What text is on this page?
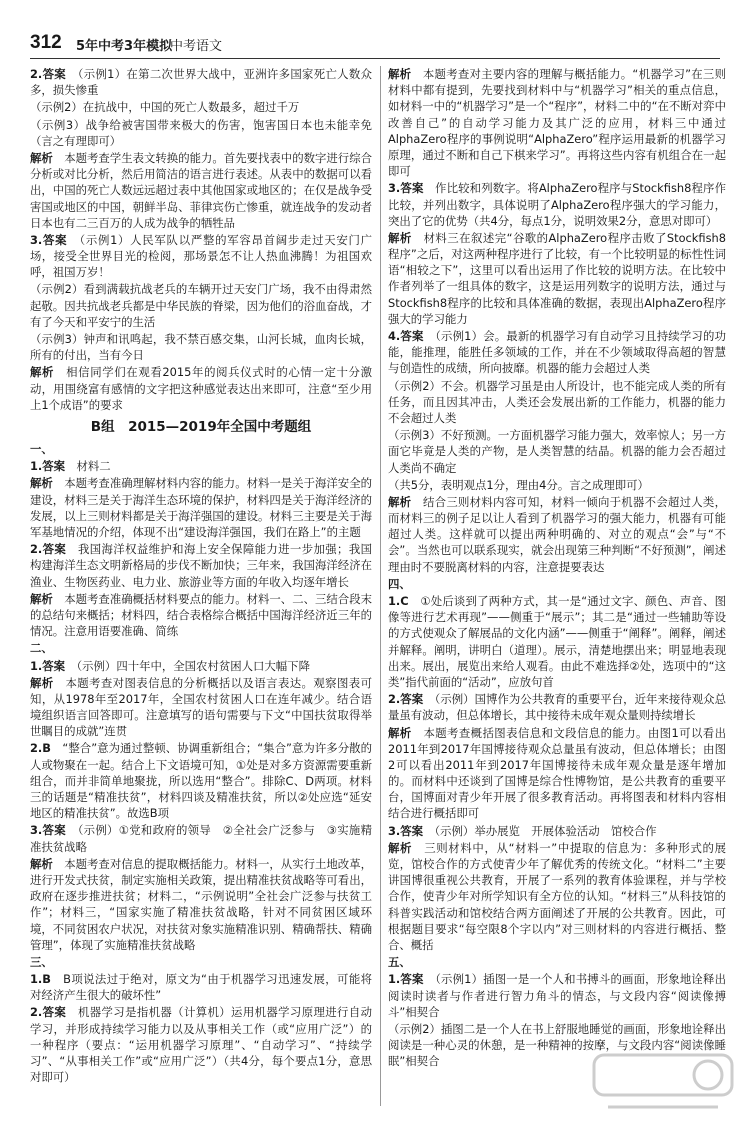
312 5年中考3年模拟
中考语文

2.答案　 （示例1）在第二次世界大战中，亚洲许多国家死亡人数众多，损失惨重

（示例2）在抗战中，中国的死亡人数最多，超过千万

（示例3）战争给被害国带来极大的伤害，饱害国日本也未能幸免（言之有理即可）

解析　 本题考查学生表文转换的能力。首先要找表中的数字进行综合分析或对比分析，然后用简洁的语言进行表述。从表中的数据可以看出，中国的死亡人数远远超过表中其他国家或地区的；在仅是战争受害国或地区的中国，朝鲜半岛、菲律宾伤亡惨重，就连战争的发动者日本也有二三百万的人成为战争的牺牲品

3.答案　 （示例1）人民军队以严整的军容昂首阔步走过天安门广场，接受全世界目光的检阅，那场景怎不让人热血沸腾！为祖国欢呼，祖国万岁！

（示例2）看到满载抗战老兵的车辆开过天安门广场，我不由得肃然起敬。因共抗战老兵都是中华民族的脊梁，因为他们的浴血奋战，才有了今天和平安宁的生活

（示例3）钟声和讯鸣起，我不禁百感交集，山河长城，血肉长城，所有的付出，当有今日

解析　 相信同学们在观看2015年的阅兵仪式时的心情一定十分激动，用围绕富有感情的文字把这种感觉表达出来即可，注意“至少用上1个成语”的要求

B组　2015—2019年全国中考题组
一、

1.答案　 材料二

解析　 本题考查准确理解材料内容的能力。材料一是关于海洋安全的建设，材料三是关于海洋生态环境的保护，材料四是关于海洋经济的发展，以上三则材料都是关于海洋强国的建设。材料三主要是关于海军基地情况的介绍，体现不出“建设海洋强国，我们在路上”的主题

2.答案　 我国海洋权益维护和海上安全保障能力进一步加强；我国构建海洋生态文明新格局的步伐不断加快；三年来，我国海洋经济在渔业、生物医药业、电力业、旅游业等方面的年收入均逐年增长

解析　 本题考查准确概括材料要点的能力。材料一、二、三结合段末的总结句来概括；材料四，结合表格综合概括中国海洋经济近三年的情况。注意用语要准确、简练

二、

1.答案　 （示例）四十年中，全国农村贫困人口大幅下降

解析　 本题考查对图表信息的分析概括以及语言表达。观察图表可知，从1978年至2017年，全国农村贫困人口在连年减少。结合语境组织语言回答即可。注意填写的语句需要与下文“中国扶贫取得举世瞩目的成就”连贯

2.B　 “整合”意为通过整顿、协调重新组合；“集合”意为许多分散的人或物聚在一起。结合上下文语境可知，①处是对多方资源需要重新组合，而并非简单地聚拢，所以选用“整合”。排除C、D两项。材料三的话题是“精准扶贫”，材料四谈及精准扶贫，所以②处应选“延安地区的精准扶贫”。故选B项

3.答案　 （示例）①党和政府的领导　②全社会广泛参与　③实施精准扶贫战略

解析　 本题考查对信息的提取概括能力。材料一，从实行土地改革，进行开发式扶贫，制定实施相关政策，提出精准扶贫战略等可看出，政府在逐步推进扶贫；材料二，“示例说明”全社会广泛参与扶贫工作”；材料三，“国家实施了精准扶贫战略，针对不同贫困区域环境，不同贫困农户状况，对扶贫对象实施精准识别、精确帮扶、精确管理”，体现了实施精准扶贫战略

三、

1.B　 B项说法过于绝对，原文为“由于机器学习迅速发展，可能将对经济产生很大的破坏性”

2.答案　 机器学习是指机器（计算机）运用机器学习原理进行自动学习，并形成持续学习能力以及从事相关工作（或“应用广泛”）的一种程序（要点：“运用机器学习原理”、“自动学习”、“持续学习”、“从事相关工作”或“应用广泛”）（共4分，每个要点1分，意思对即可）

解析　 本题考查对主要内容的理解与概括能力。“机器学习”在三则材料中都有提到，先要找到材料中与“机器学习”相关的重点信息，如材料一中的“机器学习”是一个“程序”，材料二中的“在不断对弈中改善自己”的自动学习能力及其广泛的应用，材料三中通过AlphaZero程序的事例说明“AlphaZero”程序运用最新的机器学习原理，通过不断和自己下棋来学习”。再将这些内容有机组合在一起即可

3.答案　 作比较和列数字。将AlphaZero程序与Stockfish8程序作比较，并列出数字，具体说明了AlphaZero程序强大的学习能力，突出了它的优势（共4分，每点1分，说明效果2分，意思对即可）

解析　 材料三在叙述完“谷歌的AlphaZero程序击败了Stockfish8程序”之后，对这两种程序进行了比较，有一个比较明显的标性性词语“相较之下”，这里可以看出运用了作比较的说明方法。在比较中作者列举了一组具体的数字，这是运用列数字的说明方法，通过与Stockfish8程序的比较和具体准确的数据，表现出AlphaZero程序强大的学习能力

4.答案　 （示例1）会。最新的机器学习有自动学习且持续学习的功能，能推理，能胜任多领域的工作，并在不少领域取得高超的智慧与创造性的成绩，所向披靡。机器的能力会超过人类

（示例2）不会。机器学习虽是由人所设计，也不能完成人类的所有任务，而且因其冲击，人类还会发展出新的工作能力，机器的能力不会超过人类

（示例3）不好预测。一方面机器学习能力强大，效率惊人；另一方面它毕竟是人类的产物，是人类智慧的结晶。机器的能力会否超过人类尚不确定

（共5分，表明观点1分，理由4分。言之成理即可）

解析　 结合三则材料内容可知，材料一倾向于机器不会超过人类，而材料三的例子足以让人看到了机器学习的强大能力，机器有可能超过人类。这样就可以提出两种明确的、对立的观点“会”与“不会”。当然也可以联系现实，就会出现第三种判断“不好预测”，阐述理由时不要脱离材料的内容，注意提要表达

四、

1.C　 ①处后谈到了两种方式，其一是“通过文字、颜色、声音、图像等进行艺术再现”——侧重于“展示”；其二是“通过一些辅助等设的方式使观众了解展品的文化内涵”——侧重于“阐释”。阐释，阐述并解释。阐明，讲明白（道理）。展示，清楚地摆出来；明显地表现出来。展出，展览出来给人观看。由此不难选择②处，选项中的“这类”指代前面的“活动”，应放句首

2.答案　 （示例）国博作为公共教育的重要平台，近年来接待观众总量虽有波动，但总体增长，其中接待未成年观众量则持续增长

解析　 本题考查概括图表信息和文段信息的能力。由图1可以看出2011年到2017年国博接待观众总量虽有波动，但总体增长；由图2可以看出2011年到2017年国博接待未成年观众量是逐年增加的。而材料中还谈到了国博是综合性博物馆，是公共教育的重要平台，国博面对青少年开展了很多教育活动。再将图表和材料内容相结合进行概括即可

3.答案　 （示例）举办展览　开展体验活动　馆校合作

解析　 三则材料中，从“材料一”中提取的信息为：多种形式的展览，馆校合作的方式使青少年了解优秀的传统文化。“材料二”主要讲国博很重视公共教育，开展了一系列的教育体验课程，并与学校合作，使青少年对所学知识有全方位的认知。“材料三”从科技馆的科普实践活动和馆校结合两方面阐述了开展的公共教育。因此，可根据题目要求“每空限8个字以内”对三则材料的内容进行概括、整合、概括

五、

1.答案　 （示例1）插图一是一个人和书搏斗的画面，形象地诠释出阅读时读者与作者进行智力角斗的情态，与文段内容“阅读像搏斗”相契合

（示例2）插图二是一个人在书上舒服地睡觉的画面，形象地诠释出阅读是一种心灵的休憩，是一种精神的按摩，与文段内容“阅读像睡眠”相契合
